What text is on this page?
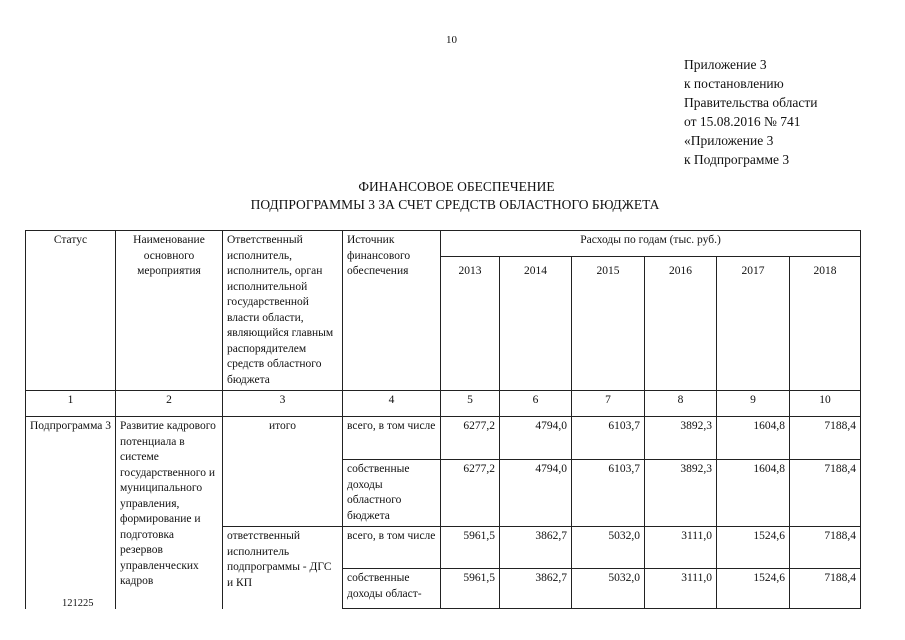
10
Приложение 3
к постановлению
Правительства области
от 15.08.2016 № 741
«Приложение 3
к Подпрограмме 3
ФИНАНСОВОЕ ОБЕСПЕЧЕНИЕ
ПОДПРОГРАММЫ 3 ЗА СЧЕТ СРЕДСТВ ОБЛАСТНОГО БЮДЖЕТА
Статус	Наименование основного мероприятия	Ответственный исполнитель, исполнитель, орган исполнительной государственной власти области, являющийся главным распорядителем средств областного бюджета	Источник финансового обеспечения	Расходы по годам (тыс. руб.)					
				2013	2014	2015	2016	2017	2018
1	2	3	4	5	6	7	8	9	10
Подпрограмма 3	Развитие кадрового потенциала в системе государственного и муниципального управления, формирование и подготовка резервов управленческих кадров	итого	всего, в том числе	6277,2	4794,0	6103,7	3892,3	1604,8	7188,4
			собственные доходы областного бюджета	6277,2	4794,0	6103,7	3892,3	1604,8	7188,4
		ответственный исполнитель подпрограммы - ДГС и КП	всего, в том числе	5961,5	3862,7	5032,0	3111,0	1524,6	7188,4
			собственные доходы област-	5961,5	3862,7	5032,0	3111,0	1524,6	7188,4
121225
